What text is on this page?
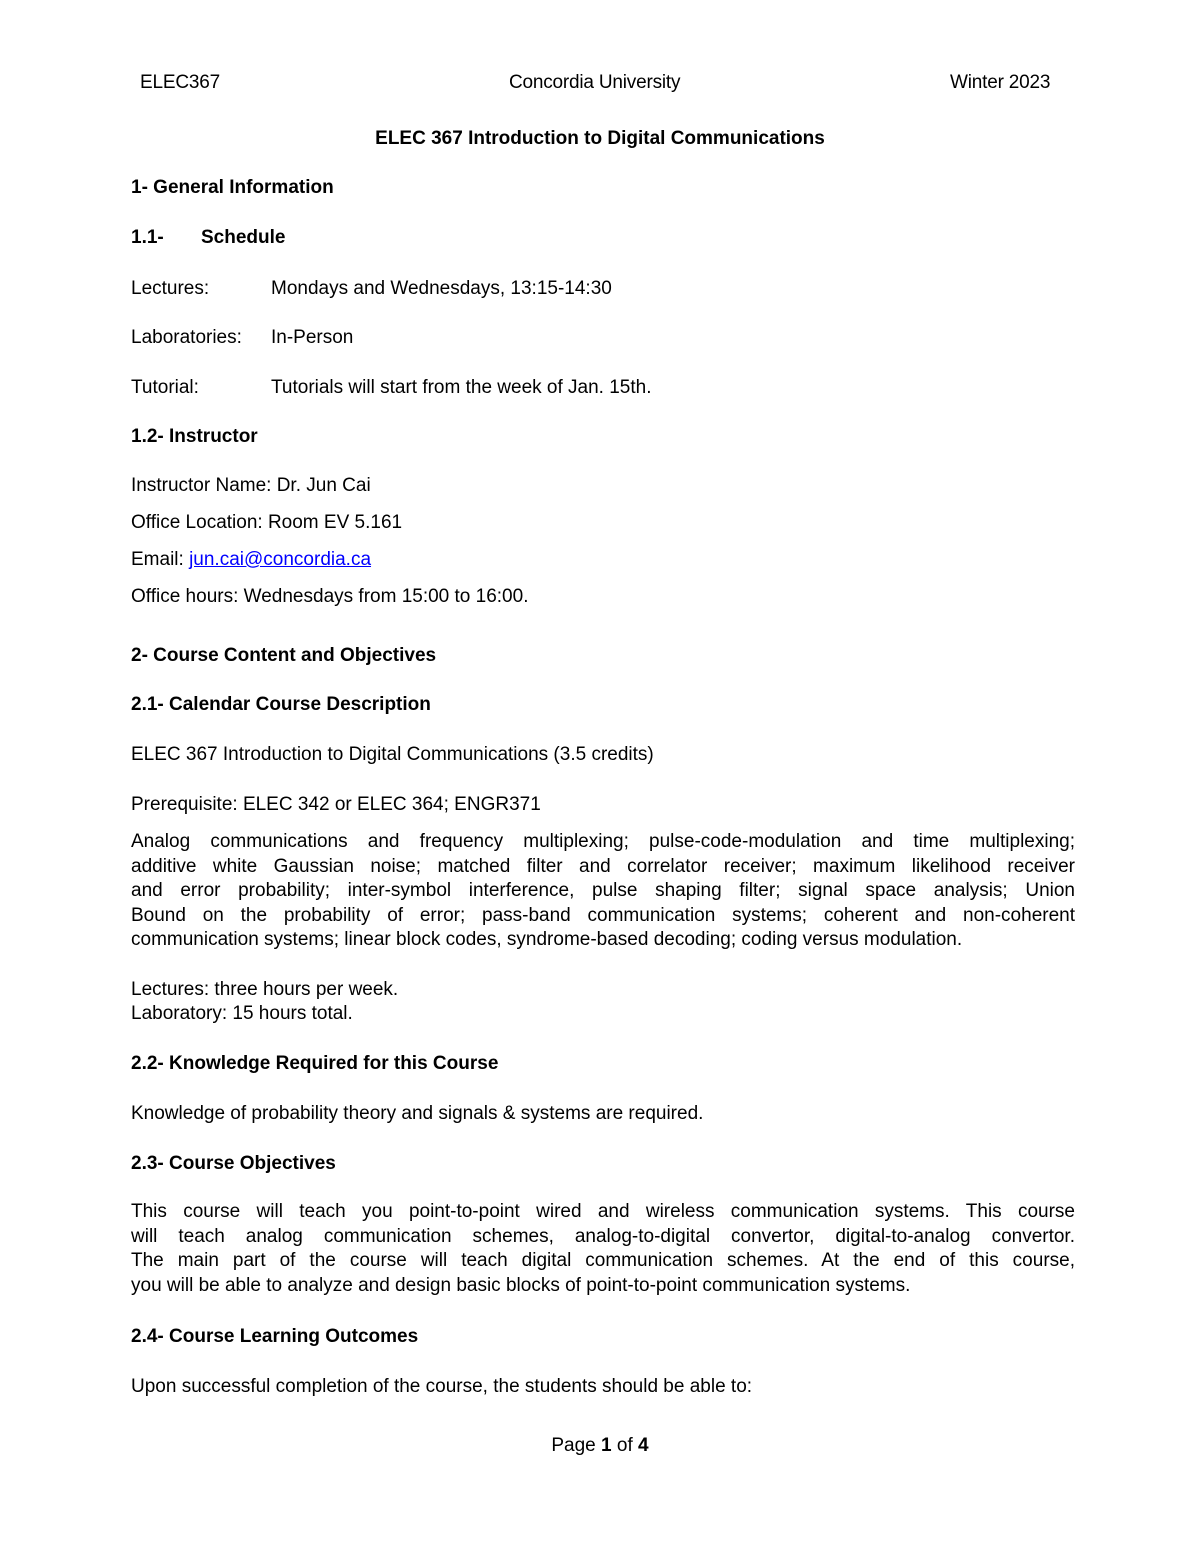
ELEC367	Concordia University	Winter 2023
ELEC 367 Introduction to Digital Communications
1- General Information
1.1- Schedule
Lectures:	Mondays and Wednesdays, 13:15-14:30
Laboratories: In-Person
Tutorial:	Tutorials will start from the week of Jan. 15th.
1.2- Instructor
Instructor Name: Dr. Jun Cai
Office Location: Room EV 5.161
Email: jun.cai@concordia.ca
Office hours: Wednesdays from 15:00 to 16:00.
2- Course Content and Objectives
2.1- Calendar Course Description
ELEC 367 Introduction to Digital Communications (3.5 credits)
Prerequisite: ELEC 342 or ELEC 364; ENGR371
Analog communications and frequency multiplexing; pulse-code-modulation and time multiplexing;
additive white Gaussian noise; matched filter and correlator receiver; maximum likelihood receiver
and error probability; inter-symbol interference, pulse shaping filter; signal space analysis; Union
Bound on the probability of error; pass-band communication systems; coherent and non-coherent
communication systems; linear block codes, syndrome-based decoding; coding versus modulation.
Lectures: three hours per week.
Laboratory: 15 hours total.
2.2- Knowledge Required for this Course
Knowledge of probability theory and signals & systems are required.
2.3- Course Objectives
This course will teach you point-to-point wired and wireless communication systems. This course
will teach analog communication schemes, analog-to-digital convertor, digital-to-analog convertor.
The main part of the course will teach digital communication schemes. At the end of this course,
you will be able to analyze and design basic blocks of point-to-point communication systems.
2.4- Course Learning Outcomes
Upon successful completion of the course, the students should be able to:
Page 1 of 4
